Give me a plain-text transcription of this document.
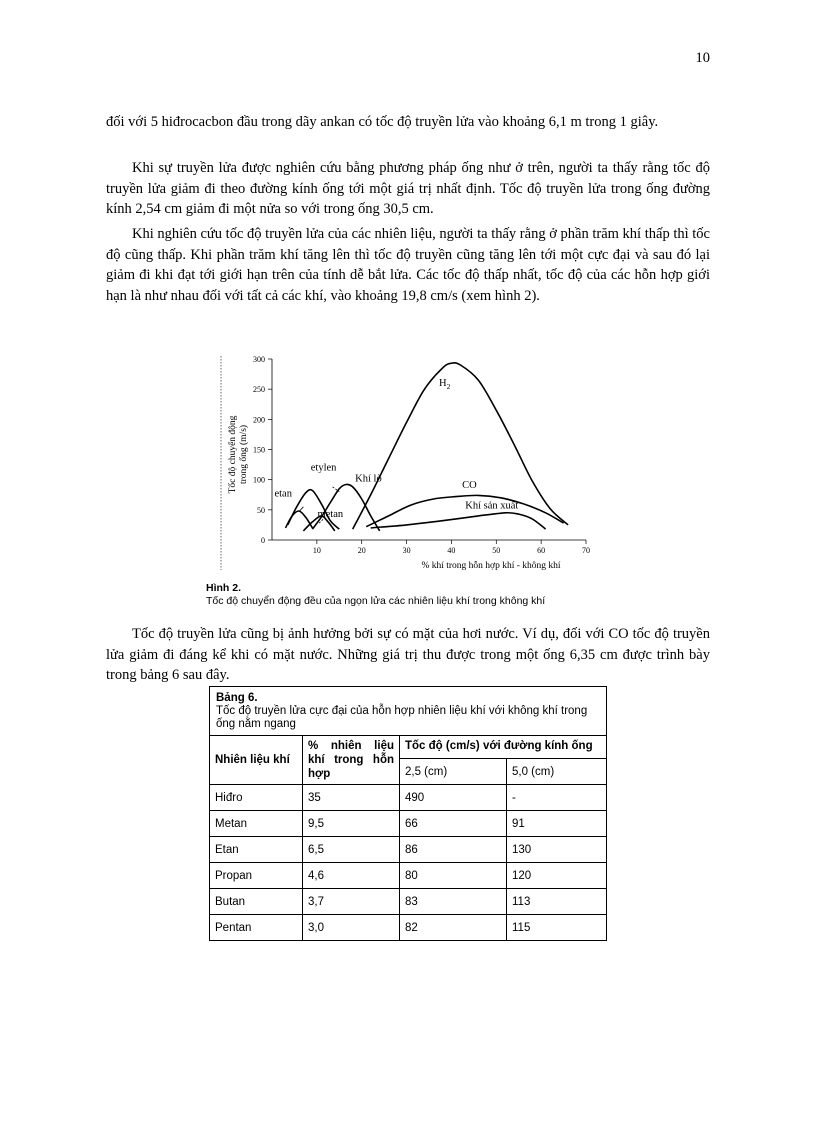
10

đối với 5 hiđrocacbon đầu trong dãy ankan có tốc độ truyền lửa vào khoảng 6,1 m trong 1 giây.

Khi sự truyền lửa được nghiên cứu bằng phương pháp ống như ở trên, người ta thấy rằng tốc độ truyền lửa giảm đi theo đường kính ống tới một giá trị nhất định. Tốc độ truyền lửa trong ống đường kính 2,54 cm giảm đi một nửa so với trong ống 30,5 cm.

Khi nghiên cứu tốc độ truyền lửa của các nhiên liệu, người ta thấy rằng ở phần trăm khí thấp thì tốc độ cũng thấp. Khi phần trăm khí tăng lên thì tốc độ truyền cũng tăng lên tới một cực đại và sau đó lại giảm đi khi đạt tới giới hạn trên của tính dễ bắt lửa. Các tốc độ thấp nhất, tốc độ của các hỗn hợp giới hạn là như nhau đối với tất cả các khí, vào khoảng 19,8 cm/s (xem hình 2).

0
50
100
150
200
250
300
10	20	30	40	50	60	70
% khí trong hỗn hợp khí - không khí
Tốc độ chuyển động trong ống (m/s)
$H_2$
etylen
Khí lò
etan
metan
CO
Khí sản xuất
Hình 2.
Tốc độ chuyển động đều của ngọn lửa các nhiên liệu khí trong không khí

Tốc độ truyền lửa cũng bị ảnh hưởng bởi sự có mặt của hơi nước. Ví dụ, đối với CO tốc độ truyền lửa giảm đi đáng kể khi có mặt nước. Những giá trị thu được trong một ống 6,35 cm được trình bày trong bảng 6 sau đây.

Bảng 6.
Tốc độ truyền lửa cực đại của hỗn hợp nhiên liệu khí với không khí trong ống nằm ngang			
Nhiên liệu khí	% nhiên liệu khí trong hỗn hợp	Tốc độ (cm/s) với đường kính ống	
		2,5 (cm)	5,0 (cm)
Hiđro	35	490	-
Metan	9,5	66	91
Etan	6,5	86	130
Propan	4,6	80	120
Butan	3,7	83	113
Pentan	3,0	82	115
